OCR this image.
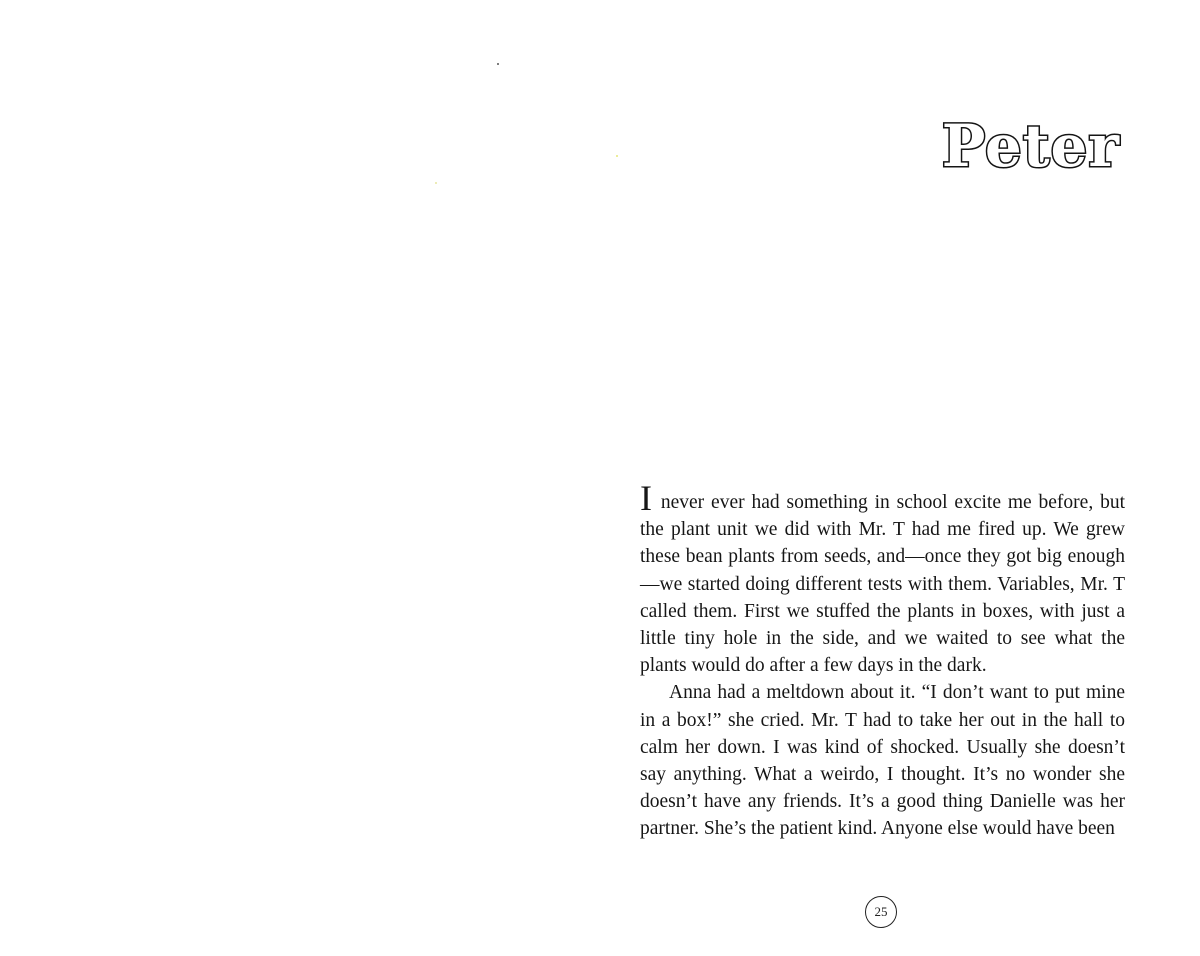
Peter

I never ever had something in school excite me before, but the plant unit we did with Mr. T had me fired up. We grew these bean plants from seeds, and—once they got big enough—we started doing different tests with them. Variables, Mr. T called them. First we stuffed the plants in boxes, with just a little tiny hole in the side, and we waited to see what the plants would do after a few days in the dark.

Anna had a meltdown about it. “I don’t want to put mine in a box!” she cried. Mr. T had to take her out in the hall to calm her down. I was kind of shocked. Usually she doesn’t say anything. What a weirdo, I thought. It’s no wonder she doesn’t have any friends. It’s a good thing Danielle was her partner. She’s the patient kind. Anyone else would have been

25
